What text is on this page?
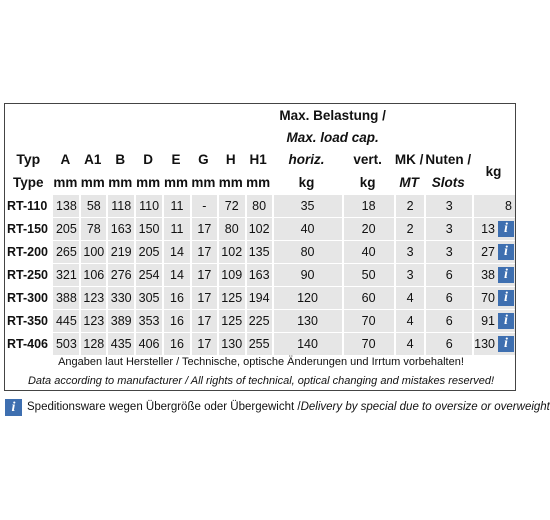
									Max. Belastung /				
									Max. load cap.				
Typ	A	A1	B	D	E	G	H	H1	horiz.	vert.	MK /	Nuten /	kg
Type	mm	mm	mm	mm	mm	mm	mm	mm	kg	kg	MT	Slots	
RT-110	138	58	118	110	11	-	72	80	35	18	2	3	8
RT-150	205	78	163	150	11	17	80	102	40	20	2	3	13 i

RT-200	265	100	219	205	14	17	102	135	80	40	3	3	27 i

RT-250	321	106	276	254	14	17	109	163	90	50	3	6	38 i

RT-300	388	123	330	305	16	17	125	194	120	60	4	6	70 i

RT-350	445	123	389	353	16	17	125	225	130	70	4	6	91 i

RT-406	503	128	435	406	16	17	130	255	140	70	4	6	130 i
Angaben laut Hersteller / Technische, optische Änderungen und Irrtum vorbehalten!
Data according to manufacturer / All rights of technical, optical changing and mistakes reserved!
i	Speditionsware wegen Übergröße oder Übergewicht / Delivery by special due to oversize or overweight
